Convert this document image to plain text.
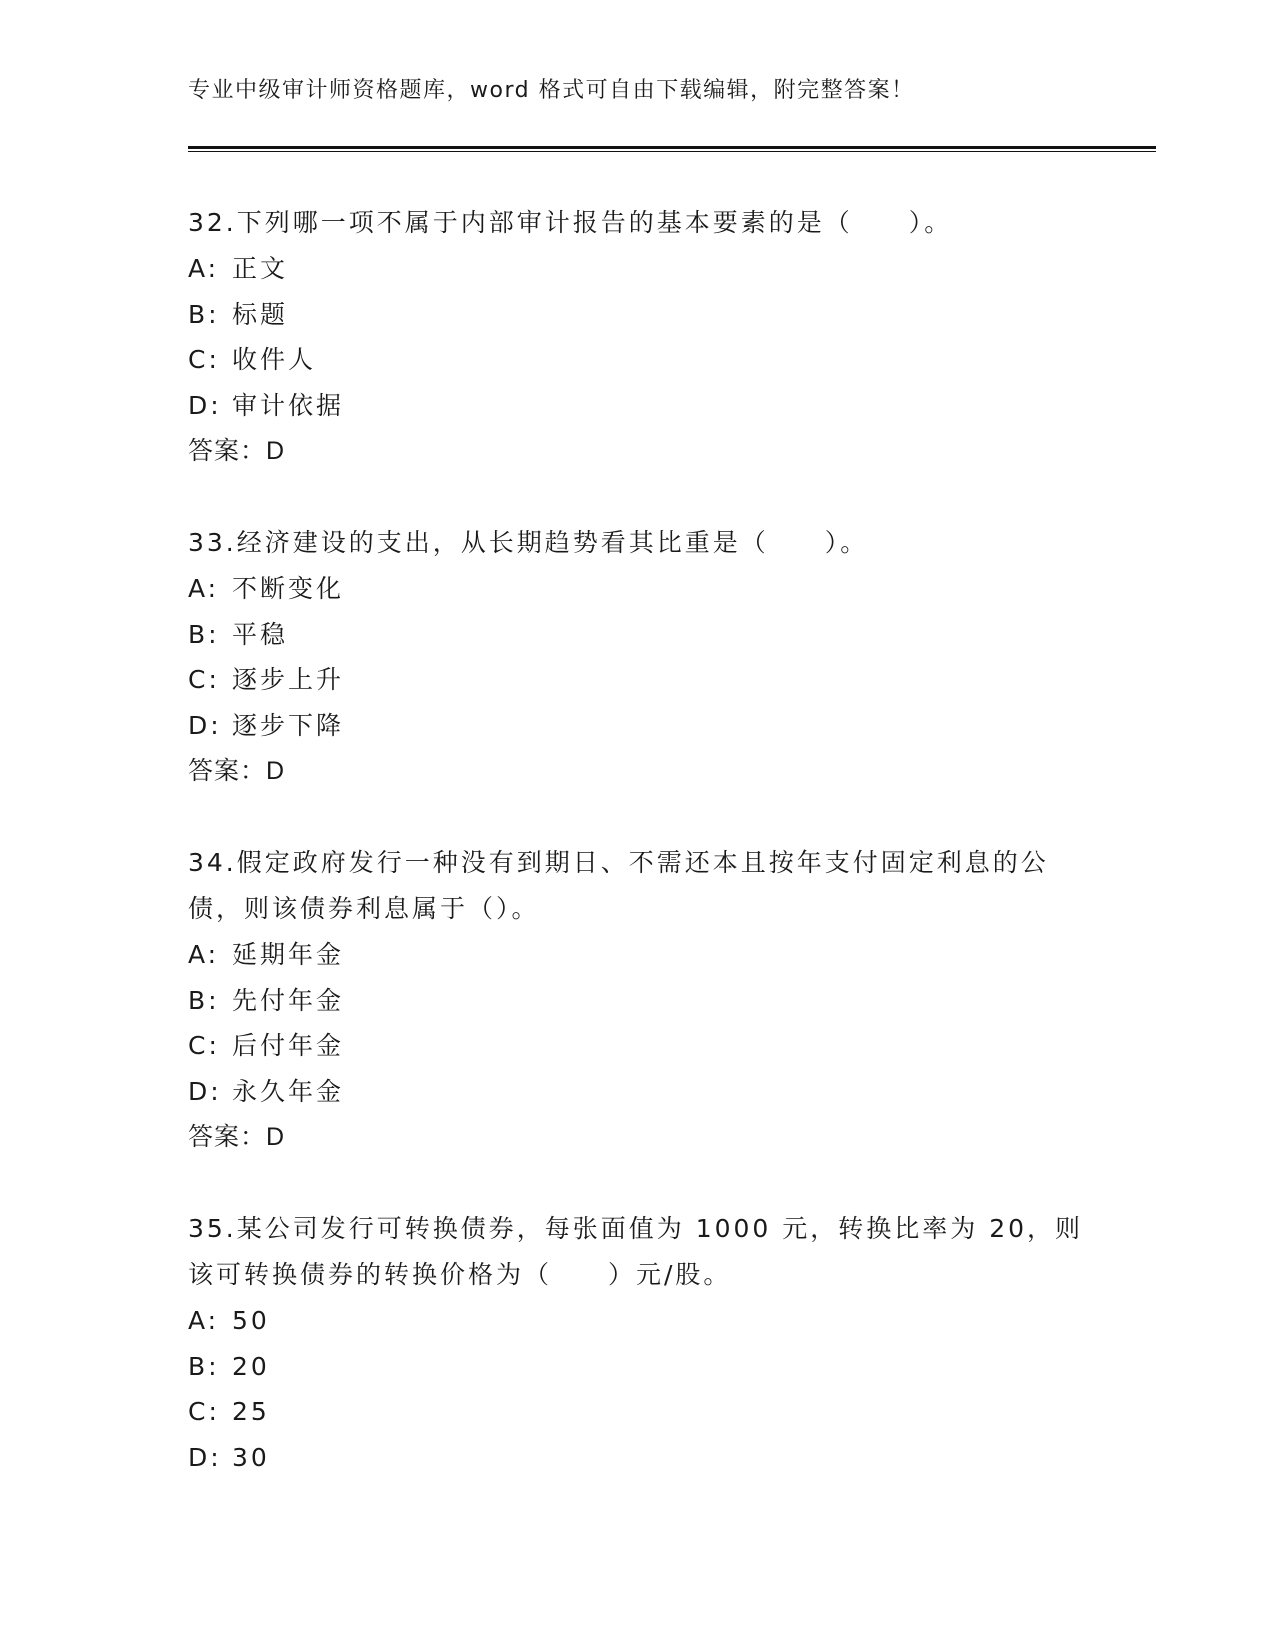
专业中级审计师资格题库，word 格式可自由下载编辑，附完整答案！

32.下列哪一项不属于内部审计报告的基本要素的是（　　）。

A: 正文
B: 标题
C: 收件人
D: 审计依据
答案：D

33.经济建设的支出，从长期趋势看其比重是（　　）。

A: 不断变化
B: 平稳
C: 逐步上升
D: 逐步下降
答案：D

34.假定政府发行一种没有到期日、不需还本且按年支付固定利息的公债，则该债券利息属于（）。

A: 延期年金
B: 先付年金
C: 后付年金
D: 永久年金
答案：D

35.某公司发行可转换债券，每张面值为 1000 元，转换比率为 20，则该可转换债券的转换价格为（　　）元/股。

A: 50
B: 20
C: 25
D: 30
